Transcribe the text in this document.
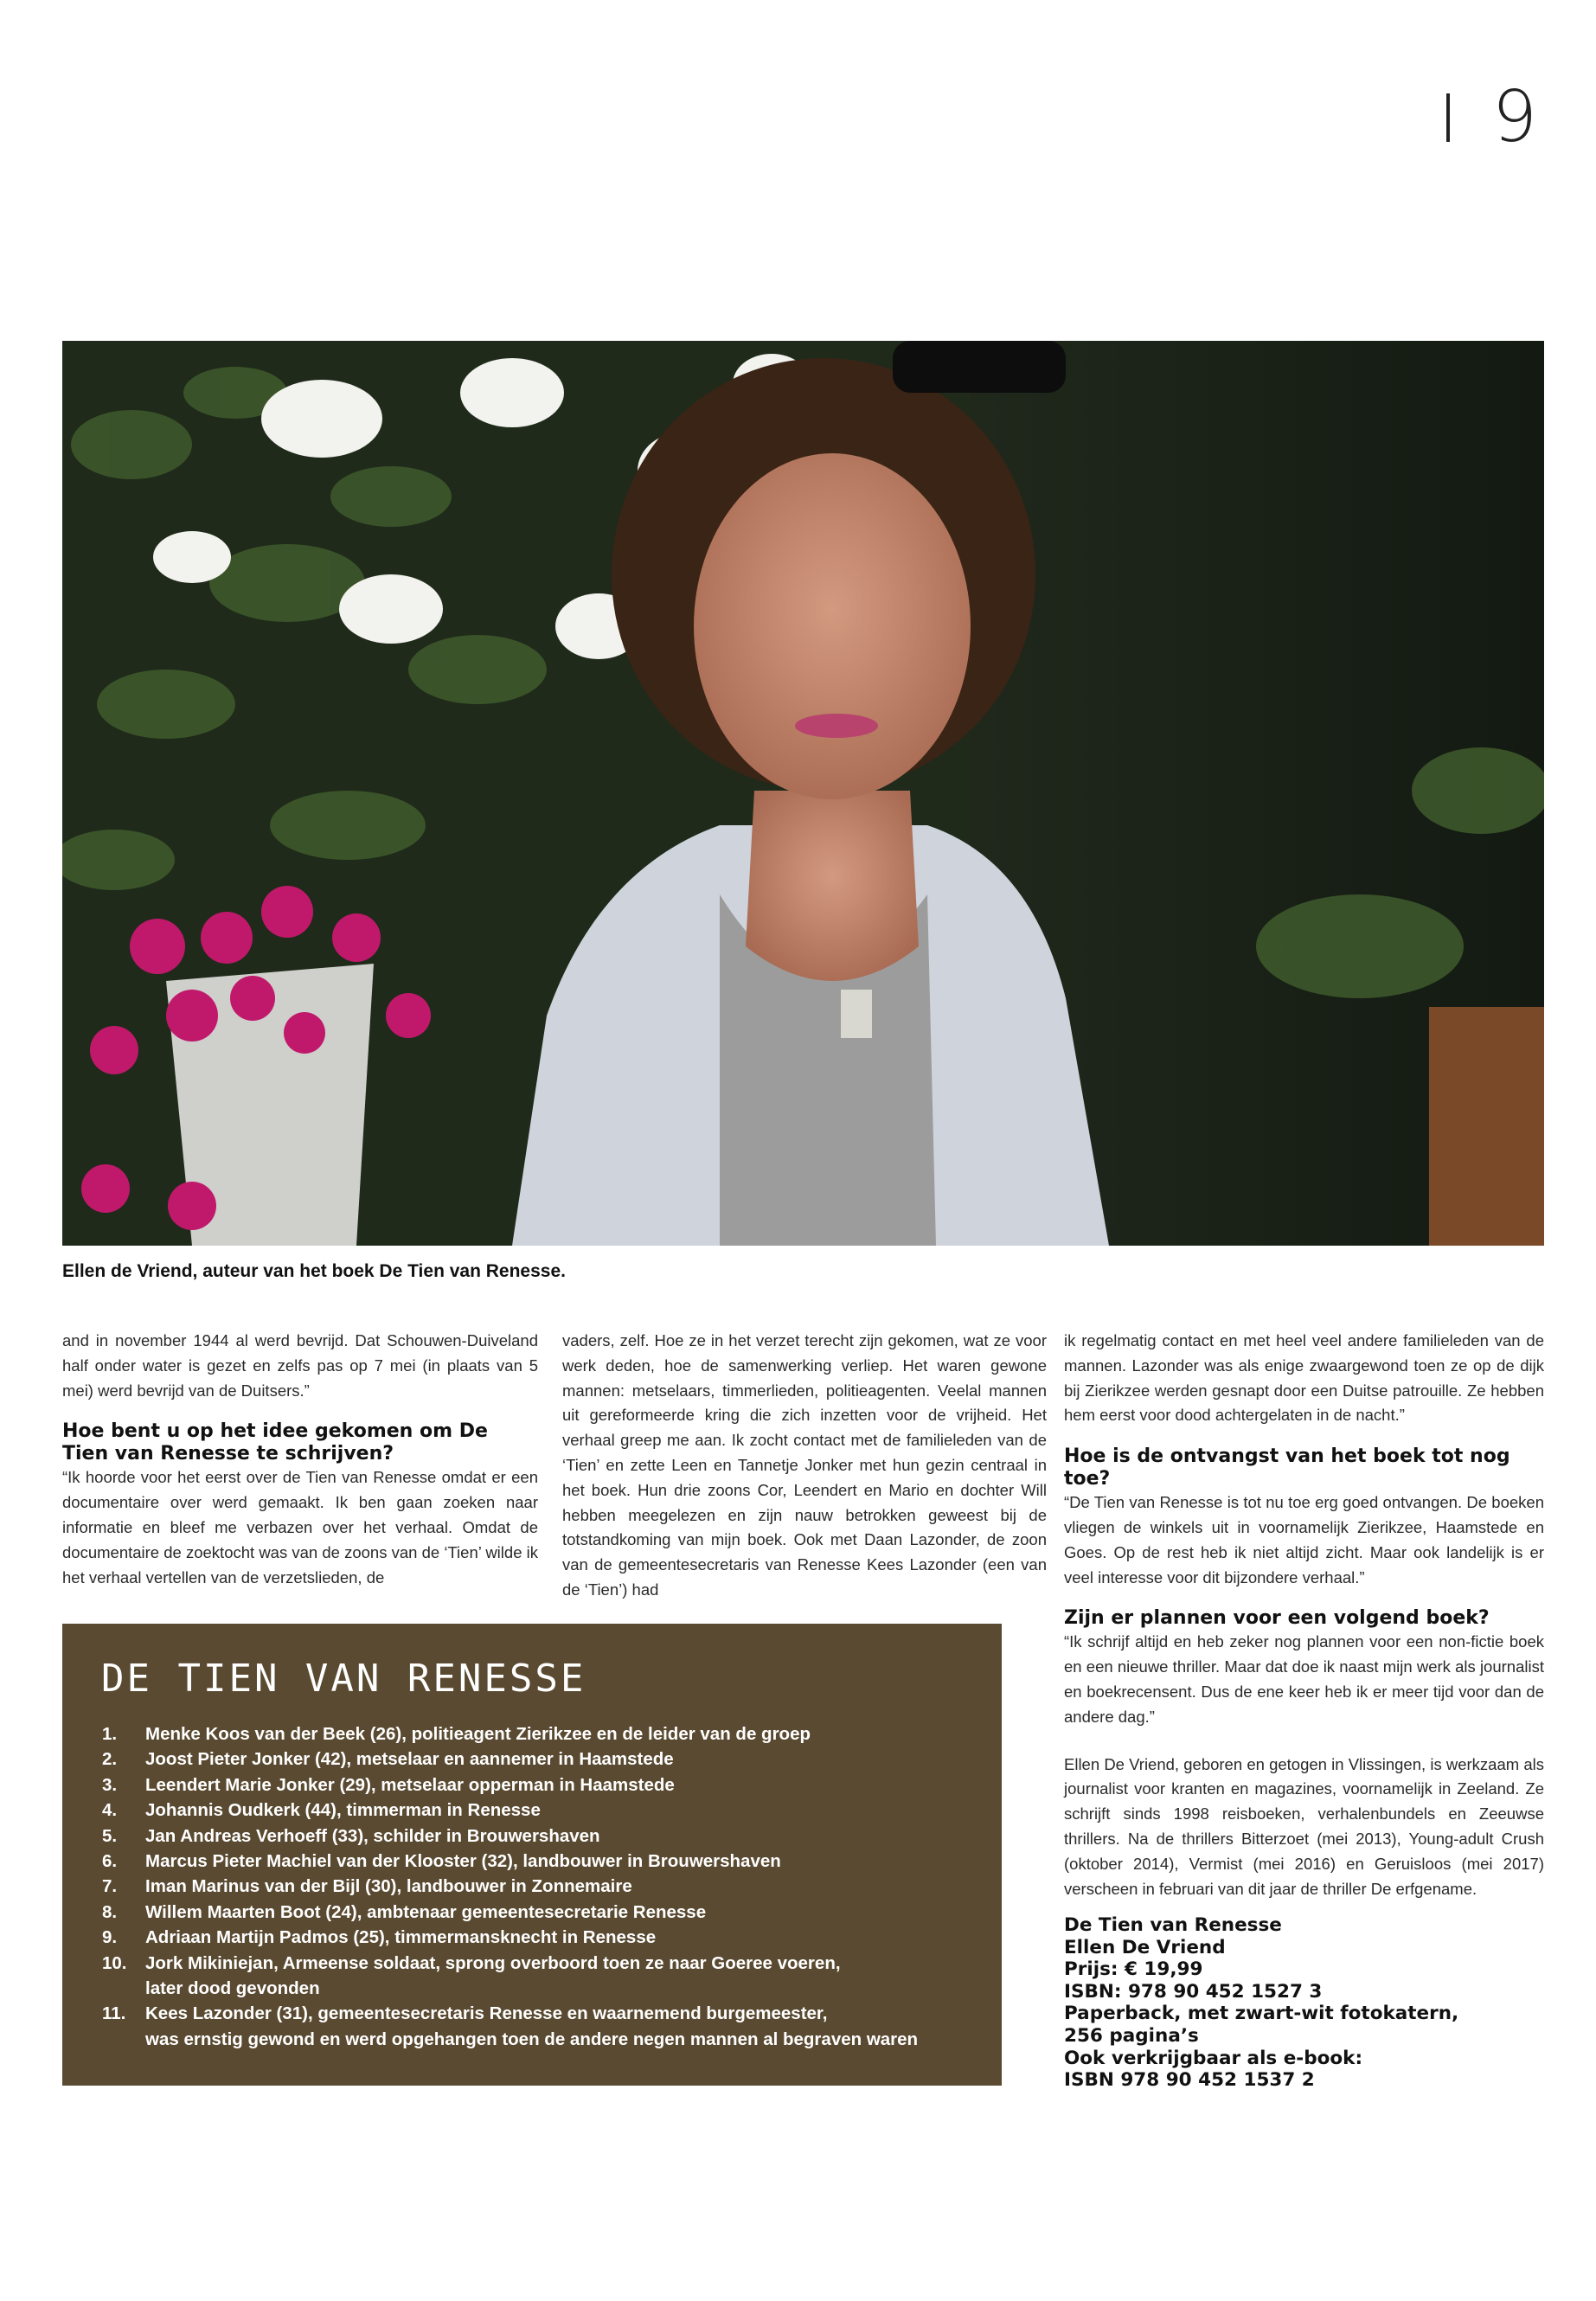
9
Ellen de Vriend, auteur van het boek De Tien van Renesse.

and in november 1944 al werd bevrijd. Dat Schouwen-Duiveland half onder water is gezet en zelfs pas op 7 mei (in plaats van 5 mei) werd bevrijd van de Duitsers.”

Hoe bent u op het idee gekomen om De Tien van Renesse te schrijven?

“Ik hoorde voor het eerst over de Tien van Renesse omdat er een documentaire over werd gemaakt. Ik ben gaan zoeken naar informatie en bleef me verbazen over het verhaal. Omdat de documentaire de zoektocht was van de zoons van de ‘Tien’ wilde ik het verhaal vertellen van de verzetslieden, de

vaders, zelf. Hoe ze in het verzet terecht zijn gekomen, wat ze voor werk deden, hoe de samenwerking verliep. Het waren gewone mannen: metselaars, timmerlieden, politieagenten. Veelal mannen uit gereformeerde kring die zich inzetten voor de vrijheid. Het verhaal greep me aan. Ik zocht contact met de familieleden van de ‘Tien’ en zette Leen en Tannetje Jonker met hun gezin centraal in het boek. Hun drie zoons Cor, Leendert en Mario en dochter Will hebben meegelezen en zijn nauw betrokken geweest bij de totstandkoming van mijn boek. Ook met Daan Lazonder, de zoon van de gemeentesecretaris van Renesse Kees Lazonder (een van de ‘Tien’) had

ik regelmatig contact en met heel veel andere familieleden van de mannen. Lazonder was als enige zwaargewond toen ze op de dijk bij Zierikzee werden gesnapt door een Duitse patrouille. Ze hebben hem eerst voor dood achtergelaten in de nacht.”

Hoe is de ontvangst van het boek tot nog toe?

“De Tien van Renesse is tot nu toe erg goed ontvangen. De boeken vliegen de winkels uit in voornamelijk Zierikzee, Haamstede en Goes. Op de rest heb ik niet altijd zicht. Maar ook landelijk is er veel interesse voor dit bijzondere verhaal.”

Zijn er plannen voor een volgend boek?

“Ik schrijf altijd en heb zeker nog plannen voor een non-fictie boek en een nieuwe thriller. Maar dat doe ik naast mijn werk als journalist en boekrecensent. Dus de ene keer heb ik er meer tijd voor dan de andere dag.”

Ellen De Vriend, geboren en getogen in Vlissingen, is werkzaam als journalist voor kranten en magazines, voornamelijk in Zeeland. Ze schrijft sinds 1998 reisboeken, verhalenbundels en Zeeuwse thrillers. Na de thrillers Bitterzoet (mei 2013), Young-adult Crush (oktober 2014), Vermist (mei 2016) en Geruisloos (mei 2017) verscheen in februari van dit jaar de thriller De erfgename.

DE TIEN VAN RENESSE
1.	Menke Koos van der Beek (26), politieagent Zierikzee en de leider van de groep
2.	Joost Pieter Jonker (42), metselaar en aannemer in Haamstede
3.	Leendert Marie Jonker (29), metselaar opperman in Haamstede
4.	Johannis Oudkerk (44), timmerman in Renesse
5.	Jan Andreas Verhoeff (33), schilder in Brouwershaven
6.	Marcus Pieter Machiel van der Klooster (32), landbouwer in Brouwershaven
7.	Iman Marinus van der Bijl (30), landbouwer in Zonnemaire
8.	Willem Maarten Boot (24), ambtenaar gemeentesecretarie Renesse
9.	Adriaan Martijn Padmos (25), timmermansknecht in Renesse
10.	Jork Mikiniejan, Armeense soldaat, sprong overboord toen ze naar Goeree voeren,
later dood gevonden
11.	Kees Lazonder (31), gemeentesecretaris Renesse en waarnemend burgemeester,
was ernstig gewond en werd opgehangen toen de andere negen mannen al begraven waren
De Tien van Renesse
Ellen De Vriend
Prijs: € 19,99
ISBN: 978 90 452 1527 3
Paperback, met zwart-wit fotokatern,
256 pagina’s
Ook verkrijgbaar als e-book:
ISBN 978 90 452 1537 2
